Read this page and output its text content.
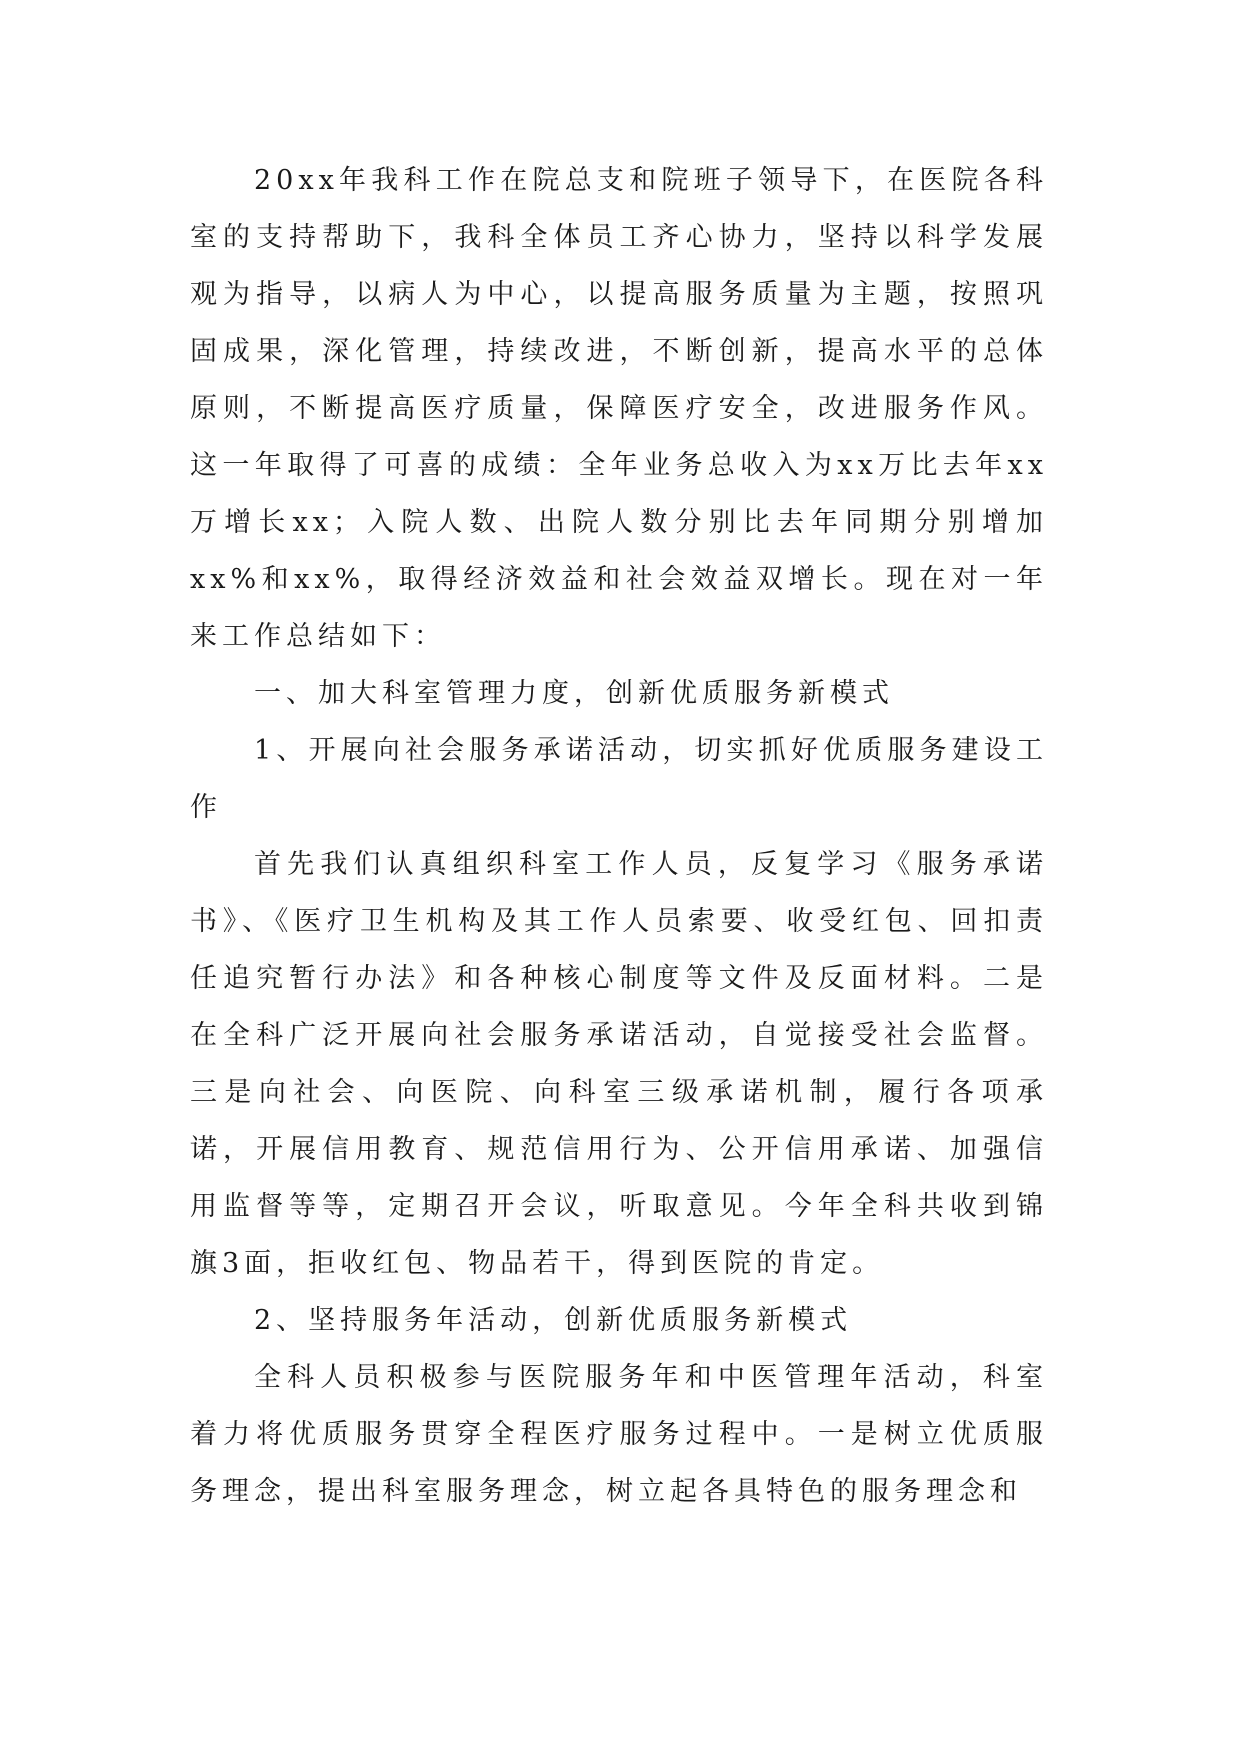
20xx年我科工作在院总支和院班子领导下，在医院各科室的支持帮助下，我科全体员工齐心协力，坚持以科学发展观为指导，以病人为中心，以提高服务质量为主题，按照巩固成果，深化管理，持续改进，不断创新，提高水平的总体原则，不断提高医疗质量，保障医疗安全，改进服务作风。这一年取得了可喜的成绩：全年业务总收入为xx万比去年xx万增长xx；入院人数、出院人数分别比去年同期分别增加xx%和xx%，取得经济效益和社会效益双增长。现在对一年来工作总结如下：

一、加大科室管理力度，创新优质服务新模式

1、开展向社会服务承诺活动，切实抓好优质服务建设工作

首先我们认真组织科室工作人员，反复学习《服务承诺书》、《医疗卫生机构及其工作人员索要、收受红包、回扣责任追究暂行办法》和各种核心制度等文件及反面材料。二是在全科广泛开展向社会服务承诺活动，自觉接受社会监督。三是向社会、向医院、向科室三级承诺机制，履行各项承诺，开展信用教育、规范信用行为、公开信用承诺、加强信用监督等等，定期召开会议，听取意见。今年全科共收到锦旗3面，拒收红包、物品若干，得到医院的肯定。

2、坚持服务年活动，创新优质服务新模式

全科人员积极参与医院服务年和中医管理年活动，科室着力将优质服务贯穿全程医疗服务过程中。一是树立优质服务理念，提出科室服务理念，树立起各具特色的服务理念和
